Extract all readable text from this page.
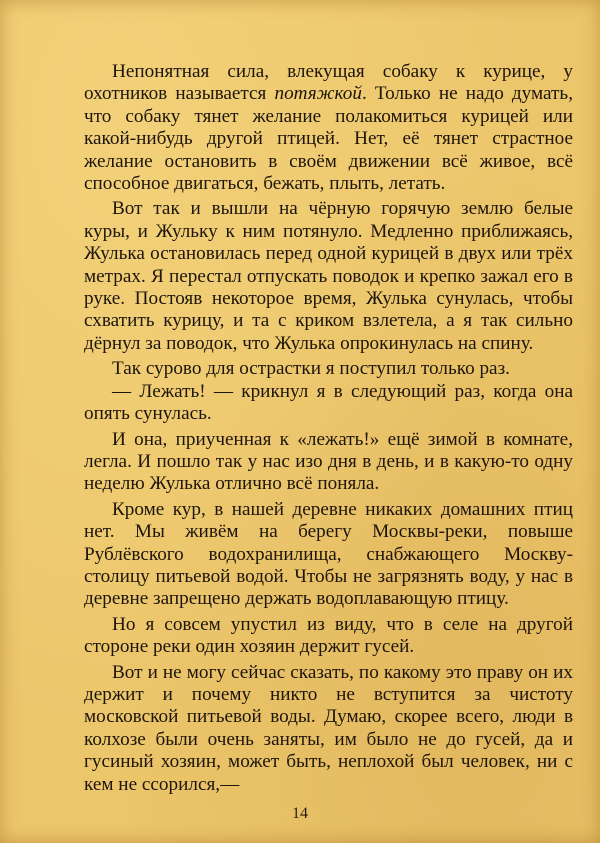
Непонятная сила, влекущая собаку к курице, у охотников называется потяжкой. Только не надо думать, что собаку тянет желание полакомиться курицей или какой-нибудь другой птицей. Нет, её тянет страстное желание остановить в своём движении всё живое, всё способное двигаться, бежать, плыть, летать.

Вот так и вышли на чёрную горячую землю белые куры, и Жульку к ним потянуло. Медленно приближаясь, Жулька остановилась перед одной курицей в двух или трёх метрах. Я перестал отпускать поводок и крепко зажал его в руке. Постояв некоторое время, Жулька сунулась, чтобы схватить курицу, и та с криком взлетела, а я так сильно дёрнул за поводок, что Жулька опрокинулась на спину.

Так сурово для острастки я поступил только раз.

— Лежать! — крикнул я в следующий раз, когда она опять сунулась.

И она, приученная к «лежать!» ещё зимой в комнате, легла. И пошло так у нас изо дня в день, и в какую-то одну неделю Жулька отлично всё поняла.

Кроме кур, в нашей деревне никаких домашних птиц нет. Мы живём на берегу Москвы-реки, повыше Рублёвского водохранилища, снабжающего Москву-столицу питьевой водой. Чтобы не загрязнять воду, у нас в деревне запрещено держать водоплавающую птицу.

Но я совсем упустил из виду, что в селе на другой стороне реки один хозяин держит гусей.

Вот и не могу сейчас сказать, по какому это праву он их держит и почему никто не вступится за чистоту московской питьевой воды. Думаю, скорее всего, люди в колхозе были очень заняты, им было не до гусей, да и гусиный хозяин, может быть, неплохой был человек, ни с кем не ссорился,—

14
